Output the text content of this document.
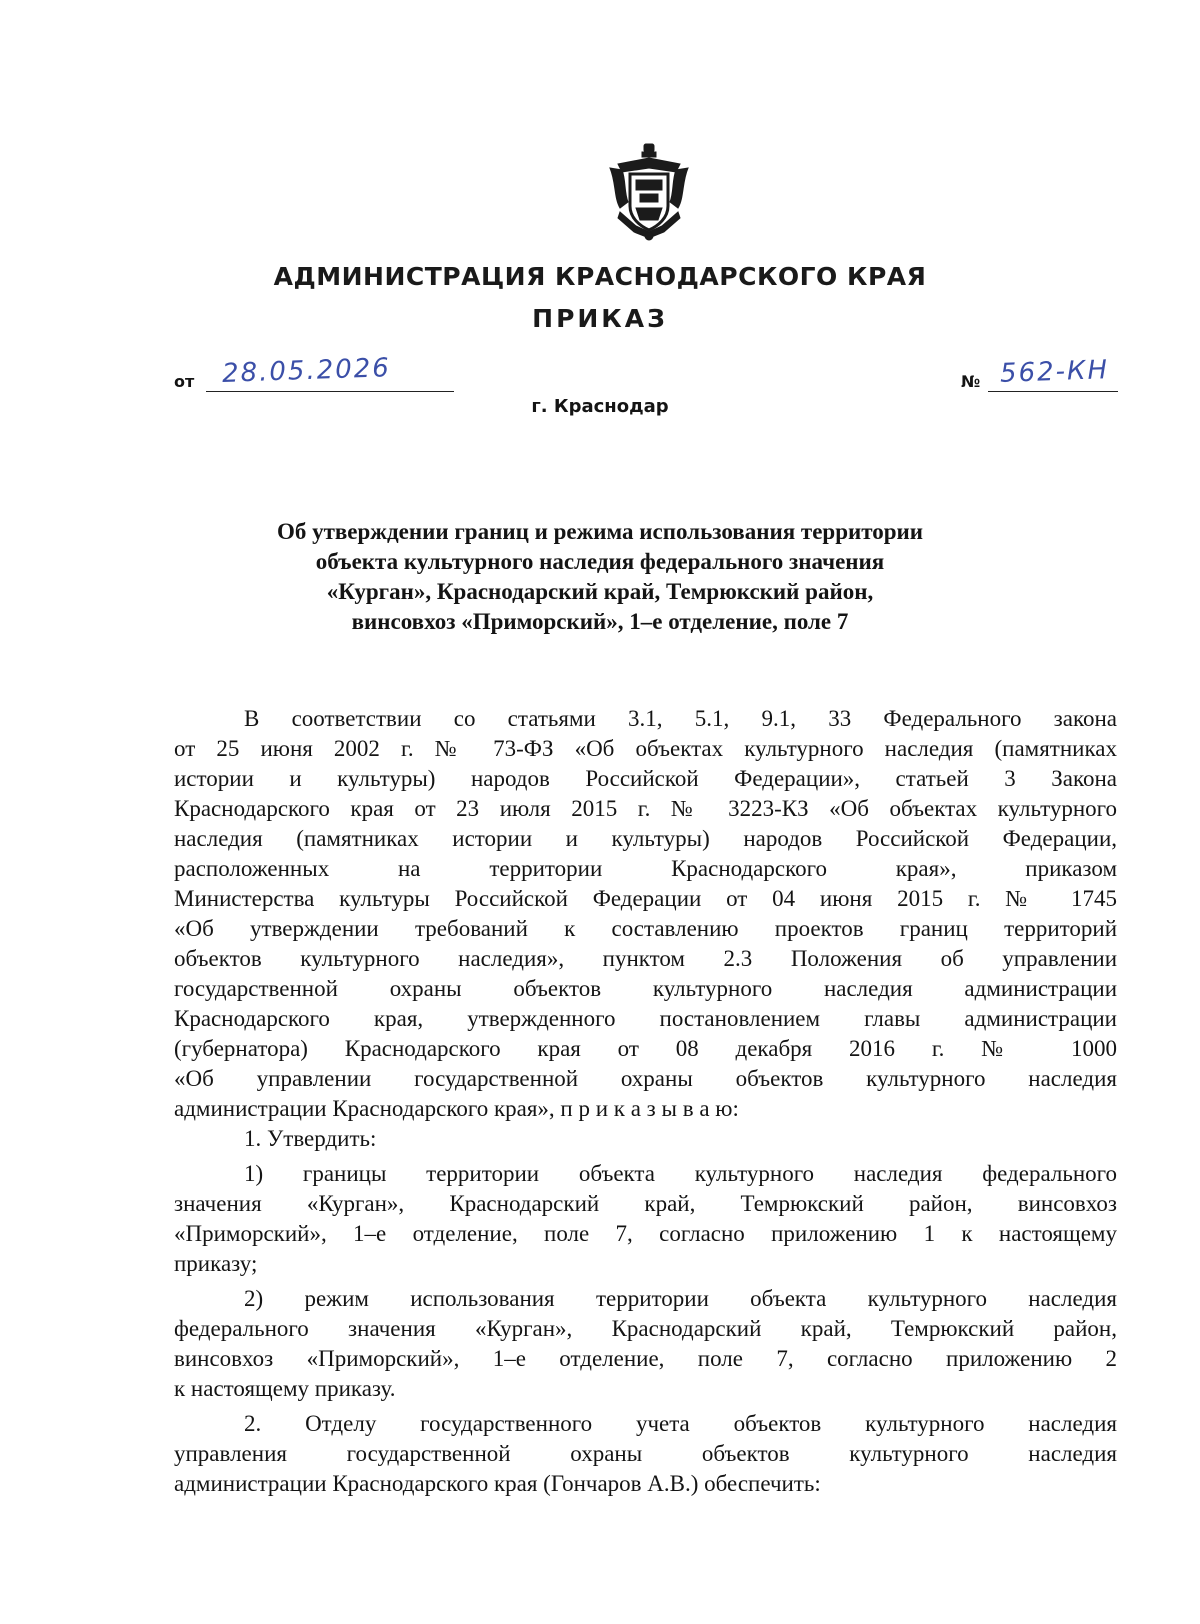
АДМИНИСТРАЦИЯ КРАСНОДАРСКОГО КРАЯ
ПРИКАЗ
от 28.05.2026
г. Краснодар
№ 562-КН
Об утверждении границ и режима использования территории
объекта культурного наследия федерального значения
«Курган», Краснодарский край, Темрюкский район,
винсовхоз «Приморский», 1–е отделение, поле 7
В соответствии со статьями 3.1, 5.1, 9.1, 33 Федерального закона
от 25 июня 2002 г. № 73-ФЗ «Об объектах культурного наследия (памятниках
истории и культуры) народов Российской Федерации», статьей 3 Закона
Краснодарского края от 23 июля 2015 г. № 3223-КЗ «Об объектах культурного
наследия (памятниках истории и культуры) народов Российской Федерации,
расположенных на территории Краснодарского края», приказом
Министерства культуры Российской Федерации от 04 июня 2015 г. № 1745
«Об утверждении требований к составлению проектов границ территорий
объектов культурного наследия», пунктом 2.3 Положения об управлении
государственной охраны объектов культурного наследия администрации
Краснодарского края, утвержденного постановлением главы администрации
(губернатора) Краснодарского края от 08 декабря 2016 г. № 1000
«Об управлении государственной охраны объектов культурного наследия
администрации Краснодарского края», п р и к а з ы в а ю:
1. Утвердить:
1) границы территории объекта культурного наследия федерального
значения «Курган», Краснодарский край, Темрюкский район, винсовхоз
«Приморский», 1–е отделение, поле 7, согласно приложению 1 к настоящему
приказу;
2) режим использования территории объекта культурного наследия
федерального значения «Курган», Краснодарский край, Темрюкский район,
винсовхоз «Приморский», 1–е отделение, поле 7, согласно приложению 2
к настоящему приказу.
2. Отделу государственного учета объектов культурного наследия
управления государственной охраны объектов культурного наследия
администрации Краснодарского края (Гончаров А.В.) обеспечить:
